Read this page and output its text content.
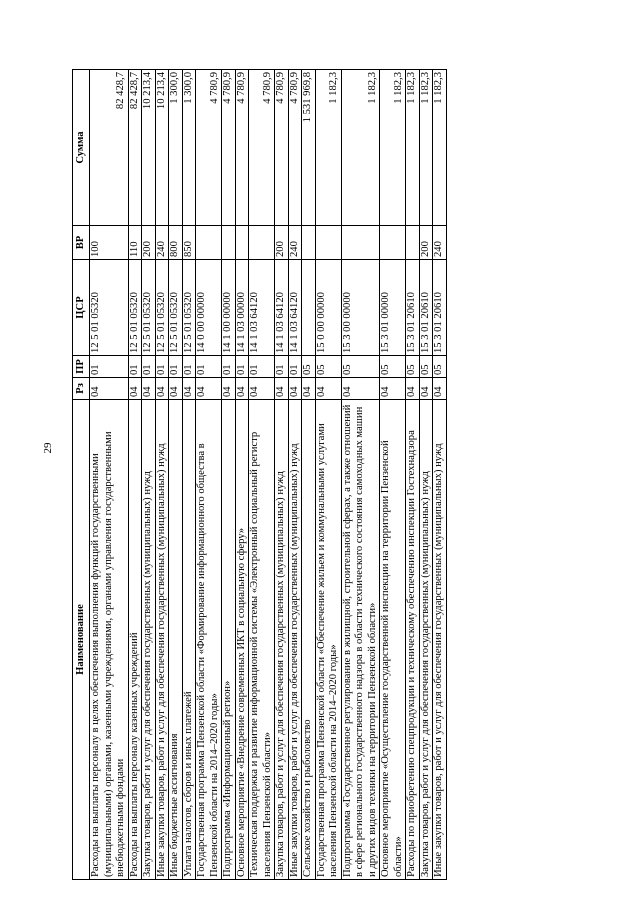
29
Наименование	Рз	ПР	ЦСР	ВР	Сумма
Расходы на выплаты персоналу в целях обеспечения выполнения функций государственными (муниципальными) органами, казенными учреждениями, органами управления государственными внебюджетными фондами	04	01	12 5 01 05320	100	82 428,7
Расходы на выплаты персоналу казенных учреждений	04	01	12 5 01 05320	110	82 428,7
Закупка товаров, работ и услуг для обеспечения государственных (муниципальных) нужд	04	01	12 5 01 05320	200	10 213,4
Иные закупки товаров, работ и услуг для обеспечения государственных (муниципальных) нужд	04	01	12 5 01 05320	240	10 213,4
Иные бюджетные ассигнования	04	01	12 5 01 05320	800	1 300,0
Уплата налогов, сборов и иных платежей	04	01	12 5 01 05320	850	1 300,0
Государственная программа Пензенской области «Формирование информационного общества в Пензенской области на 2014–2020 годы»	04	01	14 0 00 00000		4 780,9
Подпрограмма «Информационный регион»	04	01	14 1 00 00000		4 780,9
Основное мероприятие «Внедрение современных ИКТ в социальную сферу»	04	01	14 1 03 00000		4 780,9
Техническая поддержка и развитие информационной системы «Электронный социальный регистр населения Пензенской области»	04	01	14 1 03 64120		4 780,9
Закупка товаров, работ и услуг для обеспечения государственных (муниципальных) нужд	04	01	14 1 03 64120	200	4 780,9
Иные закупки товаров, работ и услуг для обеспечения государственных (муниципальных) нужд	04	01	14 1 03 64120	240	4 780,9
Сельское хозяйство и рыболовство	04	05			1 531 969,8
Государственная программа Пензенской области «Обеспечение жильем и коммунальными услугами населения Пензенской области на 2014–2020 годы»	04	05	15 0 00 00000		1 182,3
Подпрограмма «Государственное регулирование в жилищной, строительной сферах, а также отношений в сфере регионального государственного надзора в области технического состояния самоходных машин и других видов техники на территории Пензенской области»	04	05	15 3 00 00000		1 182,3
Основное мероприятие «Осуществление государственной инспекции на территории Пензенской области»	04	05	15 3 01 00000		1 182,3
Расходы по приобретению спецпродукции и техническому обеспечению инспекции Гостехнадзора	04	05	15 3 01 20610		1 182,3
Закупка товаров, работ и услуг для обеспечения государственных (муниципальных) нужд	04	05	15 3 01 20610	200	1 182,3
Иные закупки товаров, работ и услуг для обеспечения государственных (муниципальных) нужд	04	05	15 3 01 20610	240	1 182,3
